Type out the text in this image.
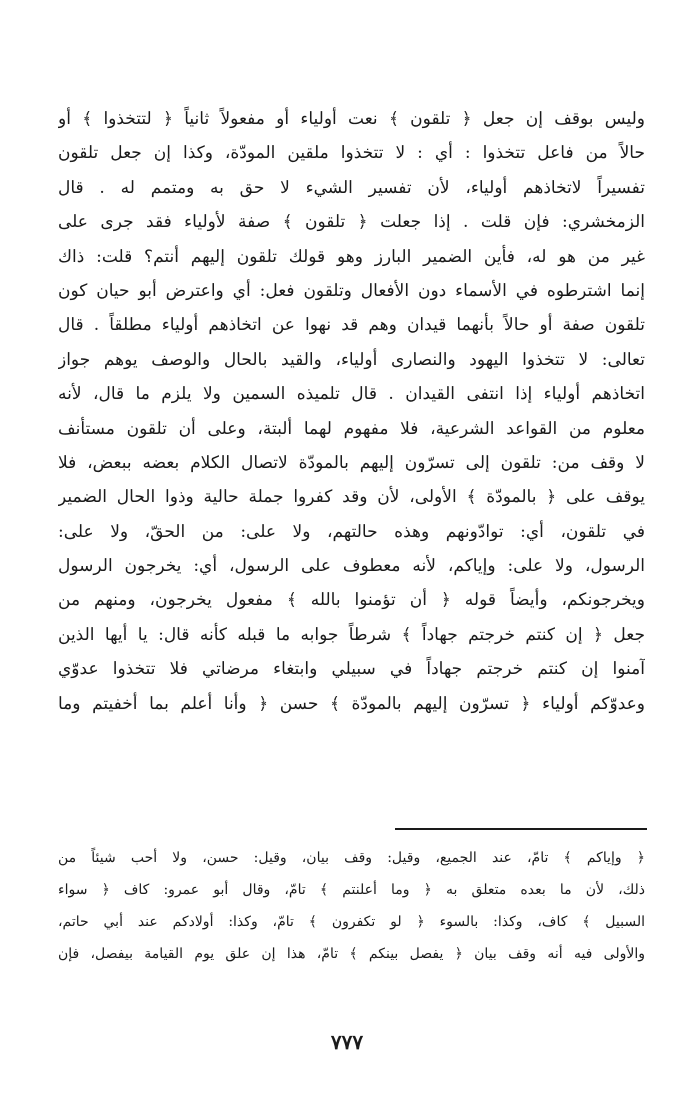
وليس بوقف إن جعل ﴿ تلقون ﴾ نعت أولياء أو مفعولاً ثانياً ﴿ لتتخذوا ﴾ أو
حالاً من فاعل تتخذوا : أي : لا تتخذوا ملقين المودّة، وكذا إن جعل تلقون
تفسيراً لاتخاذهم أولياء، لأن تفسير الشيء لا حق به ومتمم له . قال
الزمخشري: فإن قلت . إذا جعلت ﴿ تلقون ﴾ صفة لأولياء فقد جرى على
غير من هو له، فأين الضمير البارز وهو قولك تلقون إليهم أنتم؟ قلت: ذاك
إنما اشترطوه في الأسماء دون الأفعال وتلقون فعل: أي واعترض أبو حيان كون
تلقون صفة أو حالاً بأنهما قيدان وهم قد نهوا عن اتخاذهم أولياء مطلقاً . قال
تعالى: لا تتخذوا اليهود والنصارى أولياء، والقيد بالحال والوصف يوهم جواز
اتخاذهم أولياء إذا انتفى القيدان . قال تلميذه السمين ولا يلزم ما قال، لأنه
معلوم من القواعد الشرعية، فلا مفهوم لهما ألبتة، وعلى أن تلقون مستأنف
لا وقف من: تلقون إلى تسرّون إليهم بالمودّة لاتصال الكلام بعضه ببعض، فلا
يوقف على ﴿ بالمودّة ﴾ الأولى، لأن وقد كفروا جملة حالية وذوا الحال الضمير
في تلقون، أي: توادّونهم وهذه حالتهم، ولا على: من الحقّ، ولا على:
الرسول، ولا على: وإياكم، لأنه معطوف على الرسول، أي: يخرجون الرسول
ويخرجونكم، وأيضاً قوله ﴿ أن تؤمنوا بالله ﴾ مفعول يخرجون، ومنهم من
جعل ﴿ إن كنتم خرجتم جهاداً ﴾ شرطاً جوابه ما قبله كأنه قال: يا أيها الذين
آمنوا إن كنتم خرجتم جهاداً في سبيلي وابتغاء مرضاتي فلا تتخذوا عدوّي
وعدوّكم أولياء ﴿ تسرّون إليهم بالمودّة ﴾ حسن ﴿ وأنا أعلم بما أخفيتم وما
﴿ وإياكم ﴾ تامّ، عند الجميع، وقيل: وقف بيان، وقيل: حسن، ولا أحب شيئاً من
ذلك، لأن ما بعده متعلق به ﴿ وما أعلنتم ﴾ تامّ، وقال أبو عمرو: كاف ﴿ سواء
السبيل ﴾ كاف، وكذا: بالسوء ﴿ لو تكفرون ﴾ تامّ، وكذا: أولادكم عند أبي حاتم،
والأولى فيه أنه وقف بيان ﴿ يفصل بينكم ﴾ تامّ، هذا إن علق يوم القيامة بيفصل، فإن
٧٧٧
